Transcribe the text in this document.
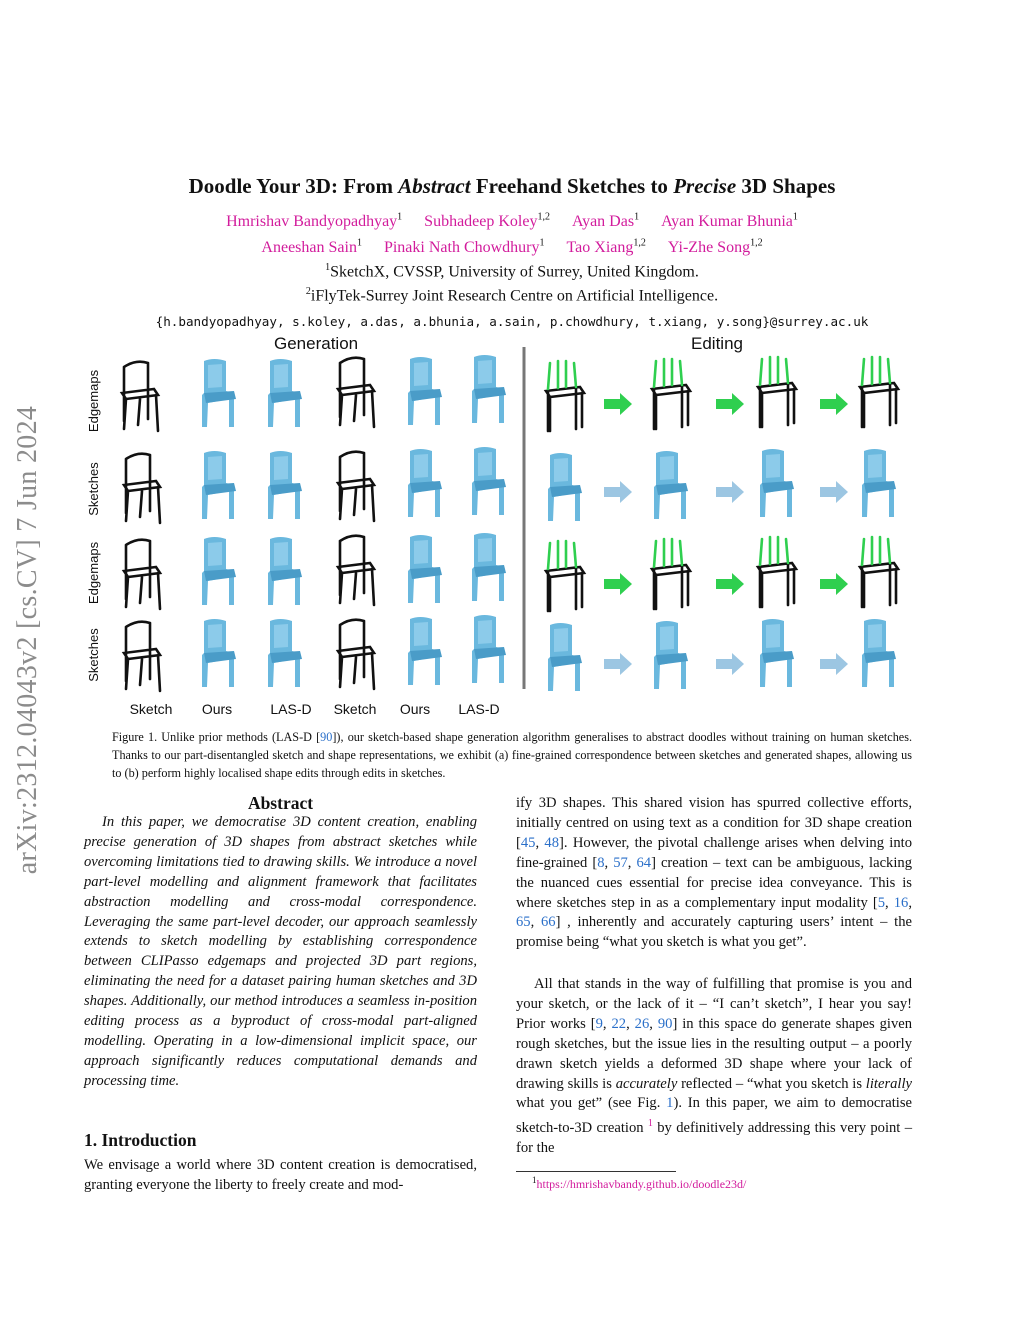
arXiv:2312.04043v2 [cs.CV] 7 Jun 2024
Doodle Your 3D: From Abstract Freehand Sketches to Precise 3D Shapes
Hmrishav Bandyopadhyay$^1$ Subhadeep Koley$^{1,2}$ Ayan Das$^1$ Ayan Kumar Bhunia$^1$
Aneeshan Sain$^1$ Pinaki Nath Chowdhury$^1$ Tao Xiang$^{1,2}$ Yi-Zhe Song$^{1,2}$
$^1$SketchX, CVSSP, University of Surrey, United Kingdom.
$^2$iFlyTek-Surrey Joint Research Centre on Artificial Intelligence.
{h.bandyopadhyay, s.koley, a.das, a.bhunia, a.sain, p.chowdhury, t.xiang, y.song}@surrey.ac.uk
Generation	Editing
Edgemaps
Sketches
Edgemaps
Sketches
Sketch	Ours	LAS-D	Sketch	Ours	LAS-D
Figure 1. Unlike prior methods (LAS-D [90]), our sketch-based shape generation algorithm generalises to abstract doodles without training on human sketches. Thanks to our part-disentangled sketch and shape representations, we exhibit (a) fine-grained correspondence between sketches and generated shapes, allowing us to (b) perform highly localised shape edits through edits in sketches.
Abstract
In this paper, we democratise 3D content creation, enabling precise generation of 3D shapes from abstract sketches while overcoming limitations tied to drawing skills. We introduce a novel part-level modelling and alignment framework that facilitates abstraction modelling and cross-modal correspondence. Leveraging the same part-level decoder, our approach seamlessly extends to sketch modelling by establishing correspondence between CLIPasso edgemaps and projected 3D part regions, eliminating the need for a dataset pairing human sketches and 3D shapes. Additionally, our method introduces a seamless in-position editing process as a byproduct of cross-modal part-aligned modelling. Operating in a low-dimensional implicit space, our approach significantly reduces computational demands and processing time.
1. Introduction
We envisage a world where 3D content creation is democratised, granting everyone the liberty to freely create and mod-
ify 3D shapes. This shared vision has spurred collective efforts, initially centred on using text as a condition for 3D shape creation [45, 48]. However, the pivotal challenge arises when delving into fine-grained [8, 57, 64] creation – text can be ambiguous, lacking the nuanced cues essential for precise idea conveyance. This is where sketches step in as a complementary input modality [5, 16, 65, 66] , inherently and accurately capturing users’ intent – the promise being “what you sketch is what you get”.
All that stands in the way of fulfilling that promise is you and your sketch, or the lack of it – “I can’t sketch”, I hear you say! Prior works [9, 22, 26, 90] in this space do generate shapes given rough sketches, but the issue lies in the resulting output – a poorly drawn sketch yields a deformed 3D shape where your lack of drawing skills is accurately reflected – “what you sketch is literally what you get” (see Fig. 1). In this paper, we aim to democratise sketch-to-3D creation $^1$ by definitively addressing this very point – for the
$^1$https://hmrishavbandy.github.io/doodle23d/
